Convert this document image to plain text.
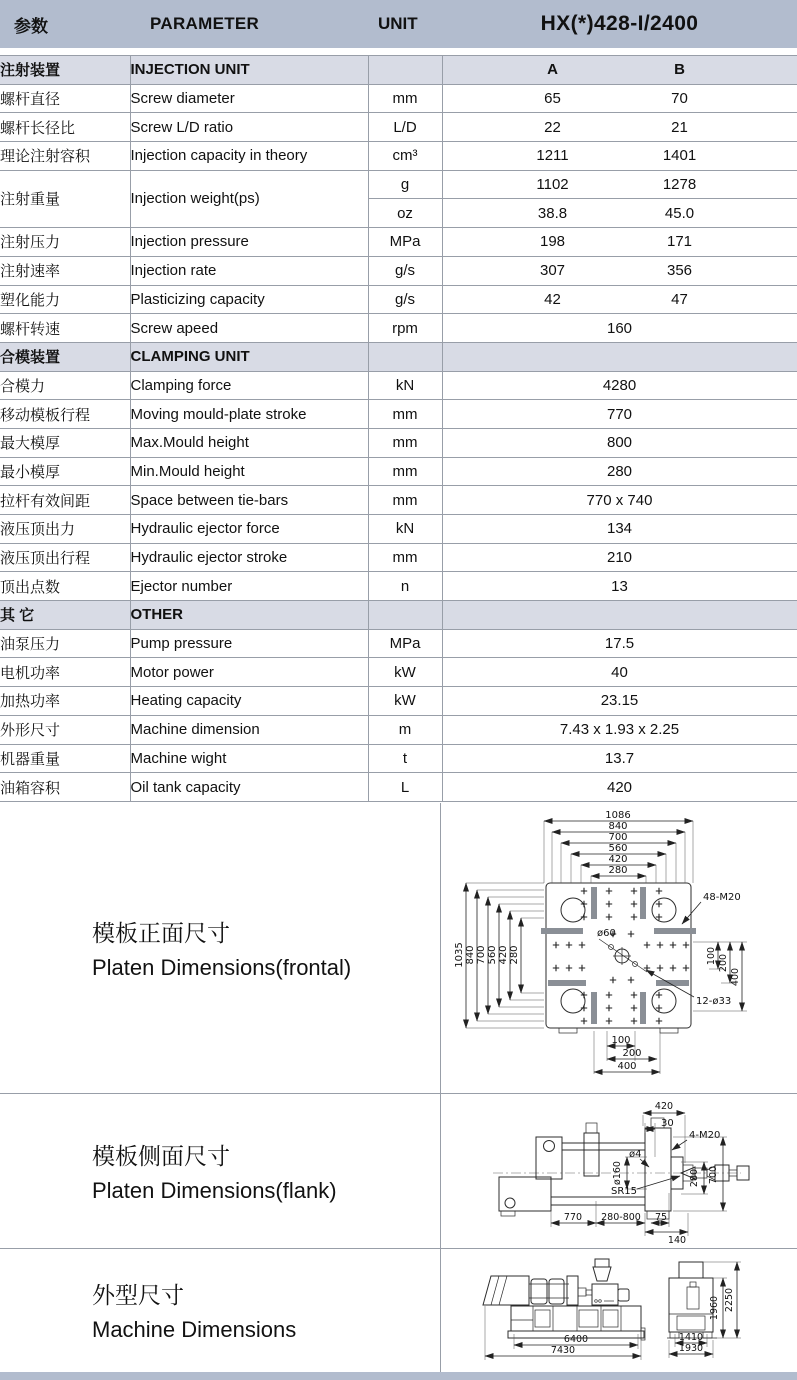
参数	PARAMETER	UNIT	HX(*)428-I/2400
注射装置	INJECTION UNIT		A B

螺杆直径	Screw diameter	mm	65 70

螺杆长径比	Screw L/D ratio	L/D	22 21

理论注射容积	Injection capacity in theory	cm³	1211 1401

注射重量	Injection weight(ps)	g	1102 1278

		oz	38.8 45.0

注射压力	Injection pressure	MPa	198 171

注射速率	Injection rate	g/s	307 356

塑化能力	Plasticizing capacity	g/s	42 47

螺杆转速	Screw apeed	rpm	160
合模装置	CLAMPING UNIT		
合模力	Clamping force	kN	4280
移动模板行程	Moving mould-plate stroke	mm	770
最大模厚	Max.Mould height	mm	800
最小模厚	Min.Mould height	mm	280
拉杆有效间距	Space between tie-bars	mm	770 x 740
液压顶出力	Hydraulic ejector force	kN	134
液压顶出行程	Hydraulic ejector stroke	mm	210
顶出点数	Ejector number	n	13
其 它	OTHER		
油泵压力	Pump pressure	MPa	17.5
电机功率	Motor power	kW	40
加热功率	Heating capacity	kW	23.15
外形尺寸	Machine dimension	m	7.43 x 1.93 x 2.25
机器重量	Machine wight	t	13.7
油箱容积	Oil tank capacity	L	420
模板正面尺寸
Platen Dimensions(frontal)
1086
840
700
560
420
280
1035 840 700 560 420 280	100 200
400
100
200
400
48-M20
12-ø33
ø60
模板侧面尺寸
Platen Dimensions(flank)
420
30
4-M20
ø4
ø160
SR15
280 700
770 280-800 75
140
外型尺寸
Machine Dimensions	6400
7430
1410
1930
1960 2250
